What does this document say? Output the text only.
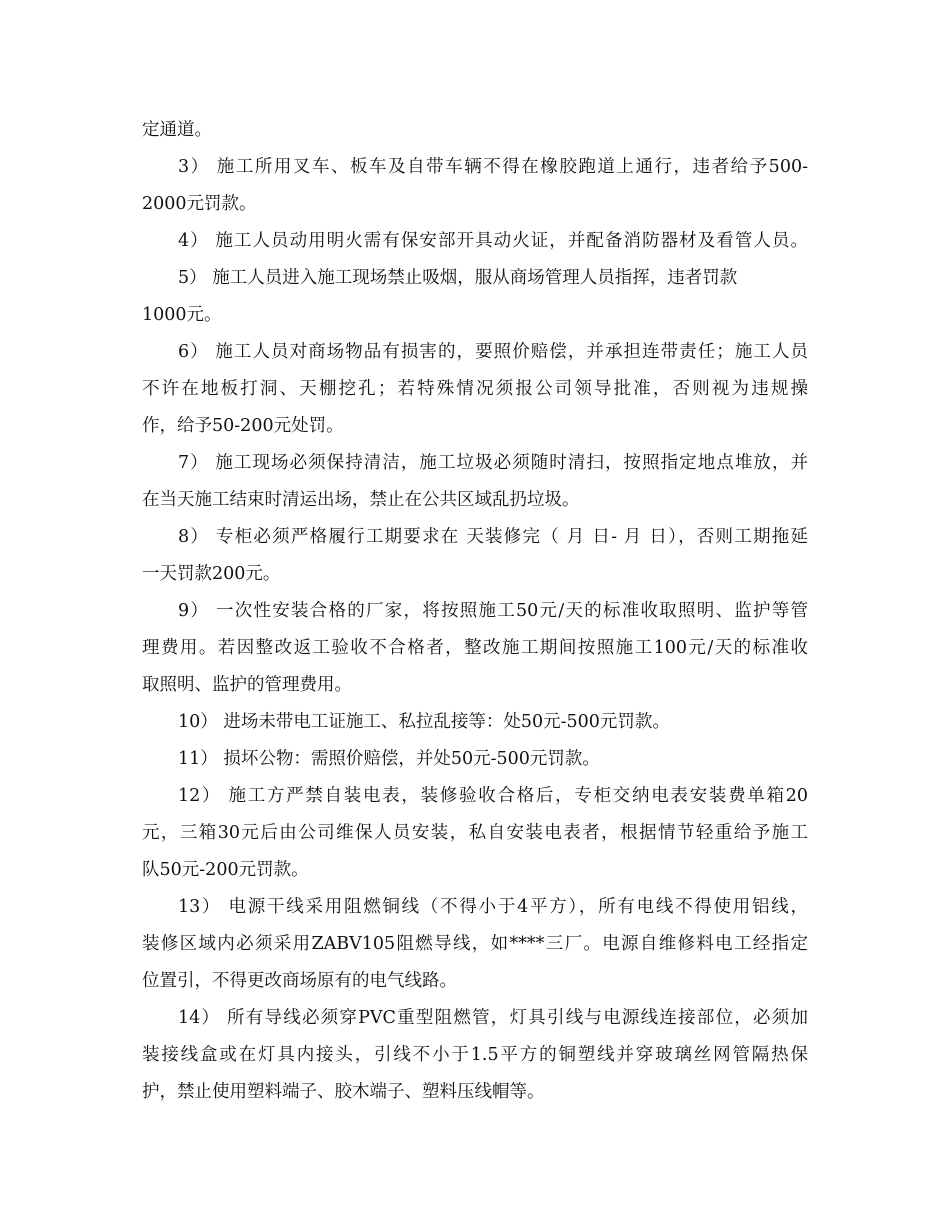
定通道。
3） 施工所用叉车、板车及自带车辆不得在橡胶跑道上通行，违者给予500-
2000元罚款。
4） 施工人员动用明火需有保安部开具动火证，并配备消防器材及看管人员。
5） 施工人员进入施工现场禁止吸烟，服从商场管理人员指挥，违者罚款
1000元。
6） 施工人员对商场物品有损害的，要照价赔偿，并承担连带责任；施工人员
不许在地板打洞、天棚挖孔；若特殊情况须报公司领导批准，否则视为违规操
作，给予50-200元处罚。
7） 施工现场必须保持清洁，施工垃圾必须随时清扫，按照指定地点堆放，并
在当天施工结束时清运出场，禁止在公共区域乱扔垃圾。
8） 专柜必须严格履行工期要求在 天装修完（ 月 日- 月 日），否则工期拖延
一天罚款200元。
9） 一次性安装合格的厂家，将按照施工50元/天的标准收取照明、监护等管
理费用。若因整改返工验收不合格者，整改施工期间按照施工100元/天的标准收
取照明、监护的管理费用。
10） 进场未带电工证施工、私拉乱接等：处50元-500元罚款。
11） 损坏公物：需照价赔偿，并处50元-500元罚款。
12） 施工方严禁自装电表，装修验收合格后，专柜交纳电表安装费单箱20
元，三箱30元后由公司维保人员安装，私自安装电表者，根据情节轻重给予施工
队50元-200元罚款。
13） 电源干线采用阻燃铜线（不得小于4平方），所有电线不得使用铝线，
装修区域内必须采用ZABV105阻燃导线，如****三厂。电源自维修料电工经指定
位置引，不得更改商场原有的电气线路。
14） 所有导线必须穿PVC重型阻燃管，灯具引线与电源线连接部位，必须加
装接线盒或在灯具内接头，引线不小于1.5平方的铜塑线并穿玻璃丝网管隔热保
护，禁止使用塑料端子、胶木端子、塑料压线帽等。
